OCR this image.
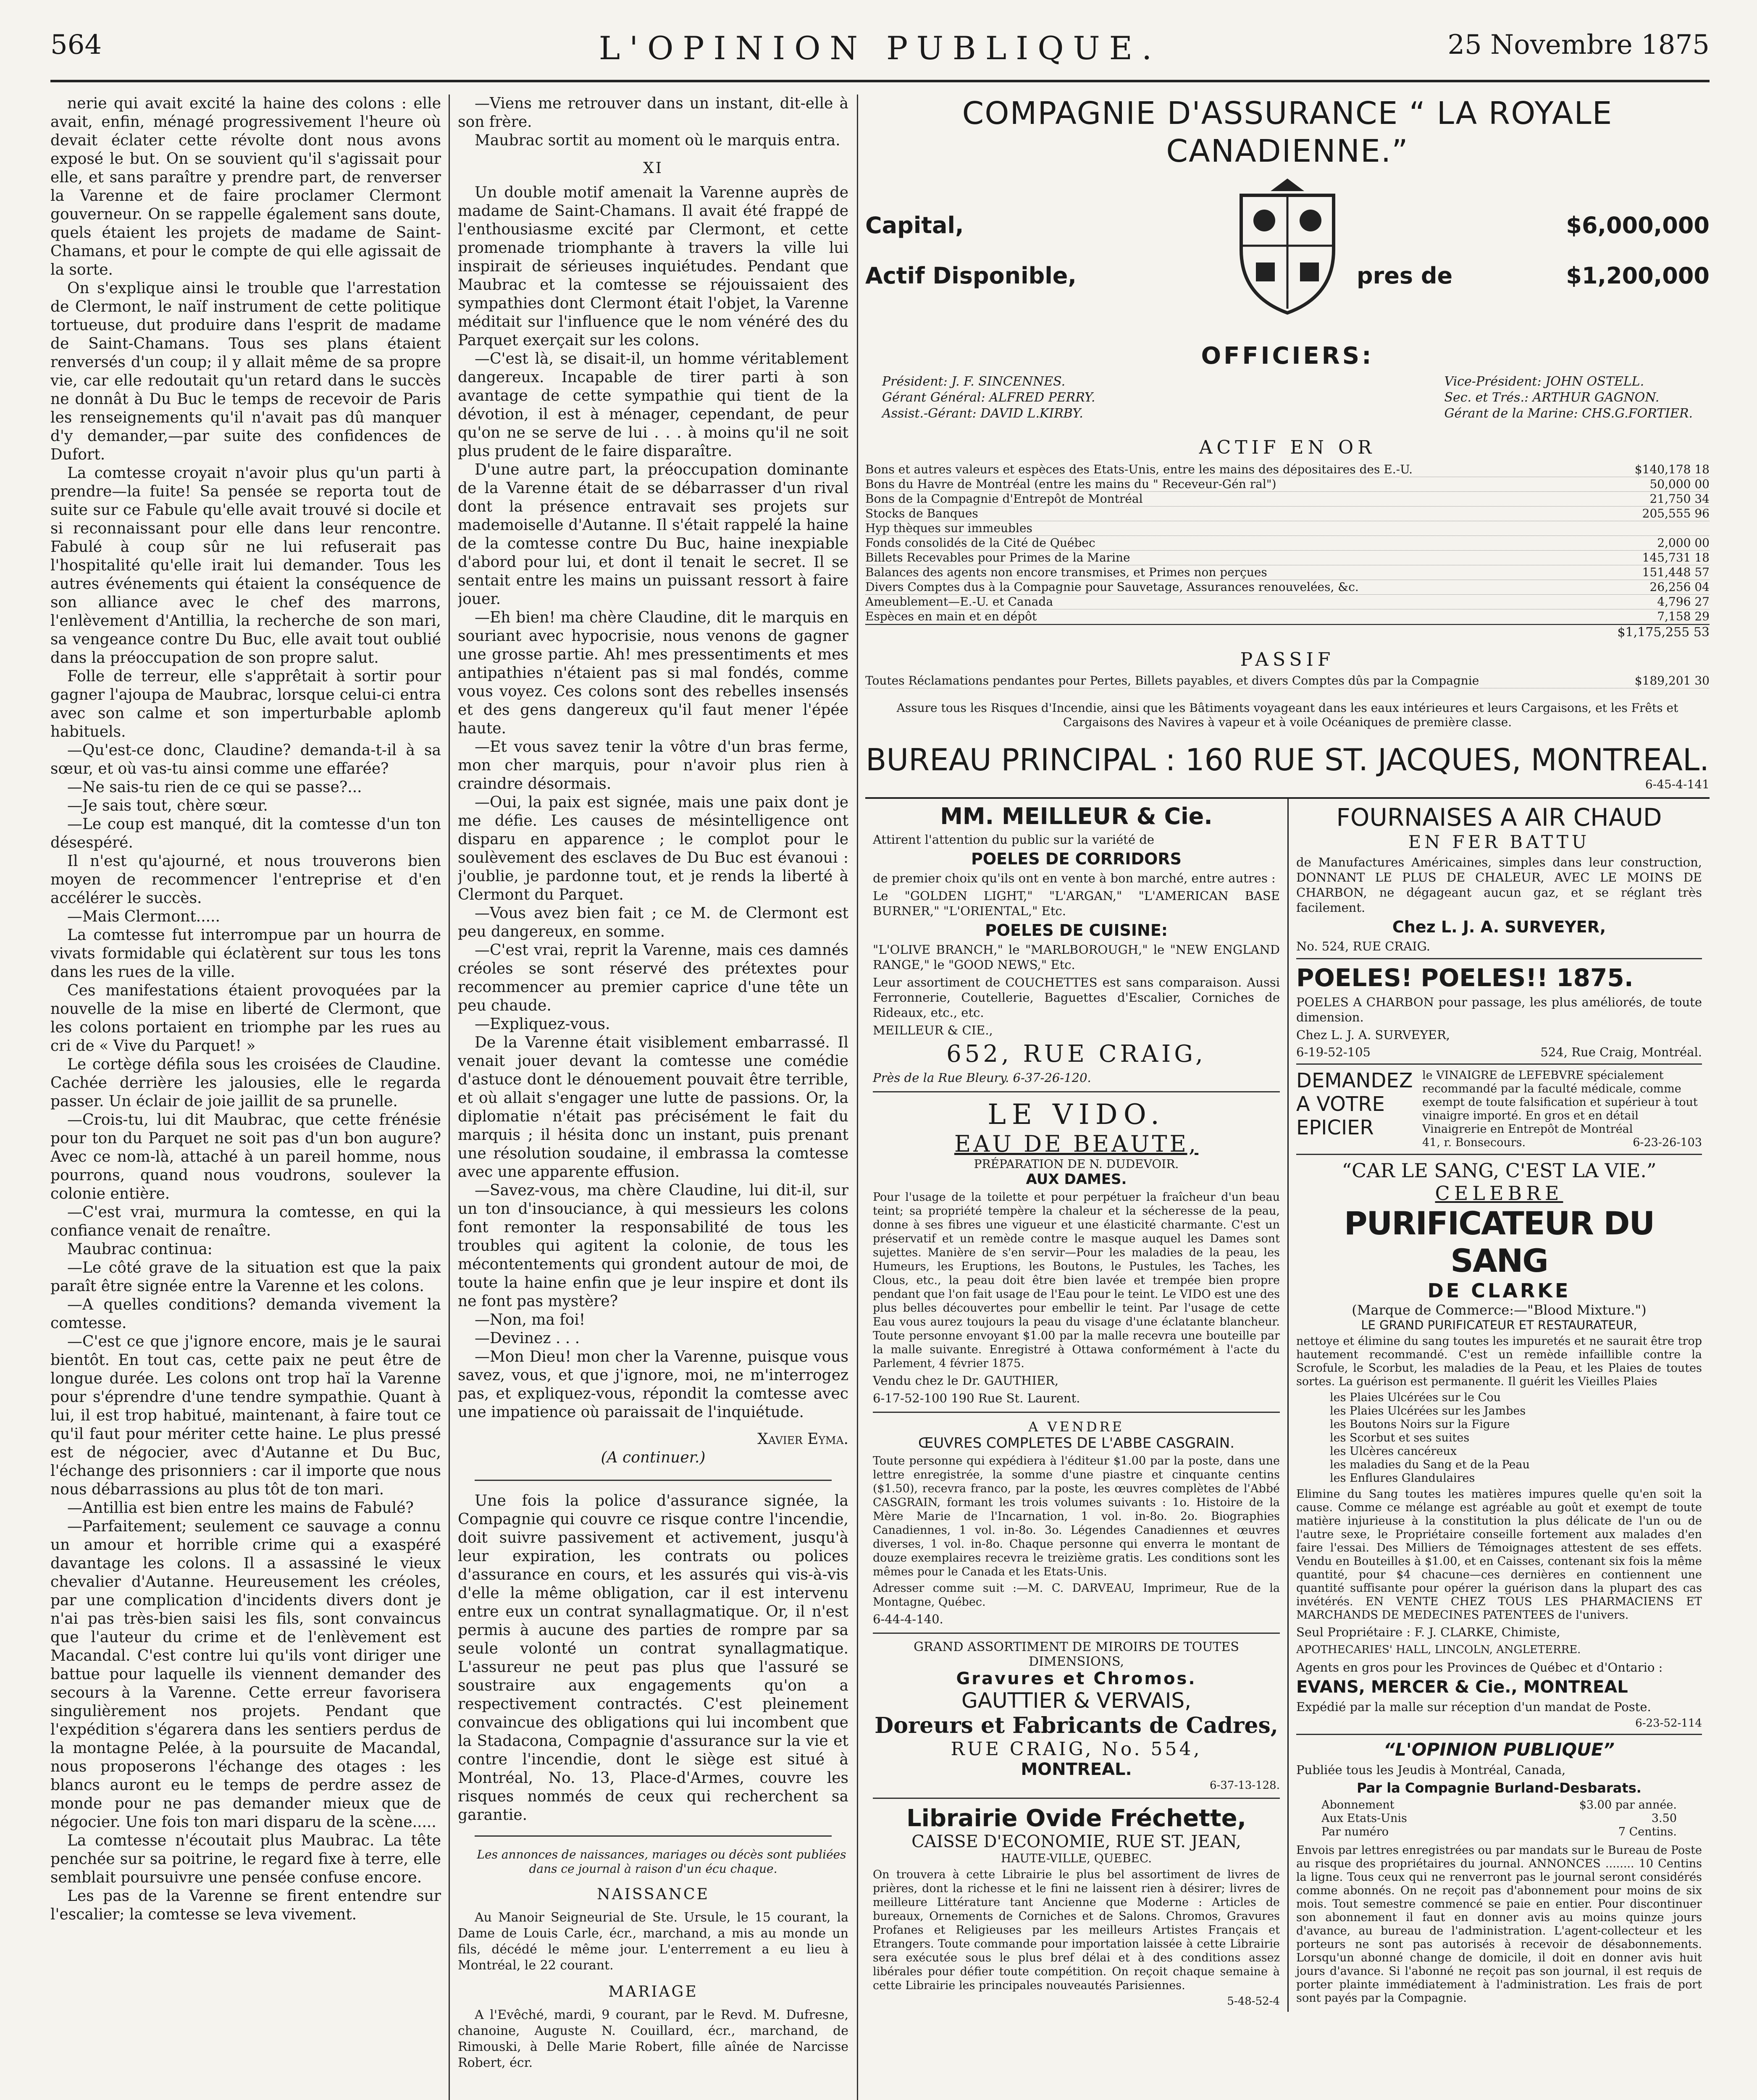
564	L'OPINION PUBLIQUE.	25 Novembre 1875

nerie qui avait excité la haine des colons : elle avait, enfin, ménagé progressivement l'heure où devait éclater cette révolte dont nous avons exposé le but. On se souvient qu'il s'agissait pour elle, et sans paraître y prendre part, de renverser la Varenne et de faire proclamer Clermont gouverneur. On se rappelle également sans doute, quels étaient les projets de madame de Saint-Chamans, et pour le compte de qui elle agissait de la sorte.

On s'explique ainsi le trouble que l'arrestation de Clermont, le naïf instrument de cette politique tortueuse, dut produire dans l'esprit de madame de Saint-Chamans. Tous ses plans étaient renversés d'un coup; il y allait même de sa propre vie, car elle redoutait qu'un retard dans le succès ne donnât à Du Buc le temps de recevoir de Paris les renseignements qu'il n'avait pas dû manquer d'y demander,—par suite des confidences de Dufort.

La comtesse croyait n'avoir plus qu'un parti à prendre—la fuite! Sa pensée se reporta tout de suite sur ce Fabule qu'elle avait trouvé si docile et si reconnaissant pour elle dans leur rencontre. Fabulé à coup sûr ne lui refuserait pas l'hospitalité qu'elle irait lui demander. Tous les autres événements qui étaient la conséquence de son alliance avec le chef des marrons, l'enlèvement d'Antillia, la recherche de son mari, sa vengeance contre Du Buc, elle avait tout oublié dans la préoccupation de son propre salut.

Folle de terreur, elle s'apprêtait à sortir pour gagner l'ajoupa de Maubrac, lorsque celui-ci entra avec son calme et son imperturbable aplomb habituels.

—Qu'est-ce donc, Claudine? demanda-t-il à sa sœur, et où vas-tu ainsi comme une effarée?

—Ne sais-tu rien de ce qui se passe?...

—Je sais tout, chère sœur.

—Le coup est manqué, dit la comtesse d'un ton désespéré.

Il n'est qu'ajourné, et nous trouverons bien moyen de recommencer l'entreprise et d'en accélérer le succès.

—Mais Clermont.....

La comtesse fut interrompue par un hourra de vivats formidable qui éclatèrent sur tous les tons dans les rues de la ville.

Ces manifestations étaient provoquées par la nouvelle de la mise en liberté de Clermont, que les colons portaient en triomphe par les rues au cri de « Vive du Parquet! »

Le cortège défila sous les croisées de Claudine. Cachée derrière les jalousies, elle le regarda passer. Un éclair de joie jaillit de sa prunelle.

—Crois-tu, lui dit Maubrac, que cette frénésie pour ton du Parquet ne soit pas d'un bon augure? Avec ce nom-là, attaché à un pareil homme, nous pourrons, quand nous voudrons, soulever la colonie entière.

—C'est vrai, murmura la comtesse, en qui la confiance venait de renaître.

Maubrac continua:

—Le côté grave de la situation est que la paix paraît être signée entre la Varenne et les colons.

—A quelles conditions? demanda vivement la comtesse.

—C'est ce que j'ignore encore, mais je le saurai bientôt. En tout cas, cette paix ne peut être de longue durée. Les colons ont trop haï la Varenne pour s'éprendre d'une tendre sympathie. Quant à lui, il est trop habitué, maintenant, à faire tout ce qu'il faut pour mériter cette haine. Le plus pressé est de négocier, avec d'Autanne et Du Buc, l'échange des prisonniers : car il importe que nous nous débarrassions au plus tôt de ton mari.

—Antillia est bien entre les mains de Fabulé?

—Parfaitement; seulement ce sauvage a connu un amour et horrible crime qui a exaspéré davantage les colons. Il a assassiné le vieux chevalier d'Autanne. Heureusement les créoles, par une complication d'incidents divers dont je n'ai pas très-bien saisi les fils, sont convaincus que l'auteur du crime et de l'enlèvement est Macandal. C'est contre lui qu'ils vont diriger une battue pour laquelle ils viennent demander des secours à la Varenne. Cette erreur favorisera singulièrement nos projets. Pendant que l'expédition s'égarera dans les sentiers perdus de la montagne Pelée, à la poursuite de Macandal, nous proposerons l'échange des otages : les blancs auront eu le temps de perdre assez de monde pour ne pas demander mieux que de négocier. Une fois ton mari disparu de la scène.....

La comtesse n'écoutait plus Maubrac. La tête penchée sur sa poitrine, le regard fixe à terre, elle semblait poursuivre une pensée confuse encore.

Les pas de la Varenne se firent entendre sur l'escalier; la comtesse se leva vivement.

—Viens me retrouver dans un instant, dit-elle à son frère.

Maubrac sortit au moment où le marquis entra.

XI

Un double motif amenait la Varenne auprès de madame de Saint-Chamans. Il avait été frappé de l'enthousiasme excité par Clermont, et cette promenade triomphante à travers la ville lui inspirait de sérieuses inquiétudes. Pendant que Maubrac et la comtesse se réjouissaient des sympathies dont Clermont était l'objet, la Varenne méditait sur l'influence que le nom vénéré des du Parquet exerçait sur les colons.

—C'est là, se disait-il, un homme véritablement dangereux. Incapable de tirer parti à son avantage de cette sympathie qui tient de la dévotion, il est à ménager, cependant, de peur qu'on ne se serve de lui . . . à moins qu'il ne soit plus prudent de le faire disparaître.

D'une autre part, la préoccupation dominante de la Varenne était de se débarrasser d'un rival dont la présence entravait ses projets sur mademoiselle d'Autanne. Il s'était rappelé la haine de la comtesse contre Du Buc, haine inexpiable d'abord pour lui, et dont il tenait le secret. Il se sentait entre les mains un puissant ressort à faire jouer.

—Eh bien! ma chère Claudine, dit le marquis en souriant avec hypocrisie, nous venons de gagner une grosse partie. Ah! mes pressentiments et mes antipathies n'étaient pas si mal fondés, comme vous voyez. Ces colons sont des rebelles insensés et des gens dangereux qu'il faut mener l'épée haute.

—Et vous savez tenir la vôtre d'un bras ferme, mon cher marquis, pour n'avoir plus rien à craindre désormais.

—Oui, la paix est signée, mais une paix dont je me défie. Les causes de mésintelligence ont disparu en apparence ; le complot pour le soulèvement des esclaves de Du Buc est évanoui : j'oublie, je pardonne tout, et je rends la liberté à Clermont du Parquet.

—Vous avez bien fait ; ce M. de Clermont est peu dangereux, en somme.

—C'est vrai, reprit la Varenne, mais ces damnés créoles se sont réservé des prétextes pour recommencer au premier caprice d'une tête un peu chaude.

—Expliquez-vous.

De la Varenne était visiblement embarrassé. Il venait jouer devant la comtesse une comédie d'astuce dont le dénouement pouvait être terrible, et où allait s'engager une lutte de passions. Or, la diplomatie n'était pas précisément le fait du marquis ; il hésita donc un instant, puis prenant une résolution soudaine, il embrassa la comtesse avec une apparente effusion.

—Savez-vous, ma chère Claudine, lui dit-il, sur un ton d'insouciance, à qui messieurs les colons font remonter la responsabilité de tous les troubles qui agitent la colonie, de tous les mécontentements qui grondent autour de moi, de toute la haine enfin que je leur inspire et dont ils ne font pas mystère?

—Non, ma foi!

—Devinez . . .

—Mon Dieu! mon cher la Varenne, puisque vous savez, vous, et que j'ignore, moi, ne m'interrogez pas, et expliquez-vous, répondit la comtesse avec une impatience où paraissait de l'inquiétude.

Xavier Eyma.

(A continuer.)

Une fois la police d'assurance signée, la Compagnie qui couvre ce risque contre l'incendie, doit suivre passivement et activement, jusqu'à leur expiration, les contrats ou polices d'assurance en cours, et les assurés qui vis-à-vis d'elle la même obligation, car il est intervenu entre eux un contrat synallagmatique. Or, il n'est permis à aucune des parties de rompre par sa seule volonté un contrat synallagmatique. L'assureur ne peut pas plus que l'assuré se soustraire aux engagements qu'on a respectivement contractés. C'est pleinement convaincue des obligations qui lui incombent que la Stadacona, Compagnie d'assurance sur la vie et contre l'incendie, dont le siège est situé à Montréal, No. 13, Place-d'Armes, couvre les risques nommés de ceux qui recherchent sa garantie.

Les annonces de naissances, mariages ou décès sont publiées dans ce journal à raison d'un écu chaque.

NAISSANCE

Au Manoir Seigneurial de Ste. Ursule, le 15 courant, la Dame de Louis Carle, écr., marchand, a mis au monde un fils, décédé le même jour. L'enterrement a eu lieu à Montréal, le 22 courant.

MARIAGE

A l'Evêché, mardi, 9 courant, par le Revd. M. Dufresne, chanoine, Auguste N. Couillard, écr., marchand, de Rimouski, à Delle Marie Robert, fille aînée de Narcisse Robert, écr.

COMPAGNIE D'ASSURANCE “ LA ROYALE CANADIENNE.”
Capital,	$6,000,000
Actif Disponible,	pres de	$1,200,000
OFFICIERS:
Président: J. F. SINCENNES.
Gérant Général: ALFRED PERRY.
Assist.-Gérant: DAVID L.KIRBY.
Vice-Président: JOHN OSTELL.
Sec. et Trés.: ARTHUR GAGNON.
Gérant de la Marine: CHS.G.FORTIER.
ACTIF EN OR
Bons et autres valeurs et espèces des Etats-Unis, entre les mains des dépositaires des E.-U.	$140,178 18
Bons du Havre de Montréal (entre les mains du " Receveur-Gén ral")	50,000 00
Bons de la Compagnie d'Entrepôt de Montréal	21,750 34
Stocks de Banques	205,555 96
Hyp thèques sur immeubles
Fonds consolidés de la Cité de Québec	2,000 00
Billets Recevables pour Primes de la Marine	145,731 18
Balances des agents non encore transmises, et Primes non perçues	151,448 57
Divers Comptes dus à la Compagnie pour Sauvetage, Assurances renouvelées, &c.	26,256 04
Ameublement—E.-U. et Canada	4,796 27
Espèces en main et en dépôt	7,158 29
$1,175,255 53
PASSIF
Toutes Réclamations pendantes pour Pertes, Billets payables, et divers Comptes dûs par la Compagnie	$189,201 30
Assure tous les Risques d'Incendie, ainsi que les Bâtiments voyageant dans les eaux intérieures et leurs Cargaisons, et les Frêts et Cargaisons des Navires à vapeur et à voile Océaniques de première classe.
BUREAU PRINCIPAL : 160 RUE ST. JACQUES, MONTREAL.
6-45-4-141
MM. MEILLEUR & Cie.

Attirent l'attention du public sur la variété de

POELES DE CORRIDORS

de premier choix qu'ils ont en vente à bon marché, entre autres :

Le "GOLDEN LIGHT," "L'ARGAN," "L'AMERICAN BASE BURNER," "L'ORIENTAL," Etc.

POELES DE CUISINE:

"L'OLIVE BRANCH," le "MARLBOROUGH," le "NEW ENGLAND RANGE," le "GOOD NEWS," Etc.

Leur assortiment de COUCHETTES est sans comparaison. Aussi Ferronnerie, Coutellerie, Baguettes d'Escalier, Corniches de Rideaux, etc., etc.

MEILLEUR & CIE.,

652, RUE CRAIG,

Près de la Rue Bleury. 6-37-26-120.

LE VIDO.
EAU DE BEAUTE,
PRÉPARATION DE N. DUDEVOIR.
AUX DAMES.

Pour l'usage de la toilette et pour perpétuer la fraîcheur d'un beau teint; sa propriété tempère la chaleur et la sécheresse de la peau, donne à ses fibres une vigueur et une élasticité charmante. C'est un préservatif et un remède contre le masque auquel les Dames sont sujettes. Manière de s'en servir—Pour les maladies de la peau, les Humeurs, les Eruptions, les Boutons, le Pustules, les Taches, les Clous, etc., la peau doit être bien lavée et trempée bien propre pendant que l'on fait usage de l'Eau pour le teint. Le VIDO est une des plus belles découvertes pour embellir le teint. Par l'usage de cette Eau vous aurez toujours la peau du visage d'une éclatante blancheur. Toute personne envoyant $1.00 par la malle recevra une bouteille par la malle suivante. Enregistré à Ottawa conformément à l'acte du Parlement, 4 février 1875.

Vendu chez le Dr. GAUTHIER,

6-17-52-100 190 Rue St. Laurent.

A VENDRE
ŒUVRES COMPLETES DE L'ABBE CASGRAIN.

Toute personne qui expédiera à l'éditeur $1.00 par la poste, dans une lettre enregistrée, la somme d'une piastre et cinquante centins ($1.50), recevra franco, par la poste, les œuvres complètes de l'Abbé CASGRAIN, formant les trois volumes suivants : 1o. Histoire de la Mère Marie de l'Incarnation, 1 vol. in-8o. 2o. Biographies Canadiennes, 1 vol. in-8o. 3o. Légendes Canadiennes et œuvres diverses, 1 vol. in-8o. Chaque personne qui enverra le montant de douze exemplaires recevra le treizième gratis. Les conditions sont les mêmes pour le Canada et les Etats-Unis.

Adresser comme suit :—M. C. DARVEAU, Imprimeur, Rue de la Montagne, Québec.

6-44-4-140.

GRAND ASSORTIMENT DE MIROIRS DE TOUTES DIMENSIONS,
Gravures et Chromos.
GAUTTIER & VERVAIS,
Doreurs et Fabricants de Cadres,
RUE CRAIG, No. 554,
MONTREAL.
6-37-13-128.
Librairie Ovide Fréchette,
CAISSE D'ECONOMIE, RUE ST. JEAN,
HAUTE-VILLE, QUEBEC.

On trouvera à cette Librairie le plus bel assortiment de livres de prières, dont la richesse et le fini ne laissent rien à désirer; livres de meilleure Littérature tant Ancienne que Moderne : Articles de bureaux, Ornements de Corniches et de Salons. Chromos, Gravures Profanes et Religieuses par les meilleurs Artistes Français et Etrangers. Toute commande pour importation laissée à cette Librairie sera exécutée sous le plus bref délai et à des conditions assez libérales pour défier toute compétition. On reçoit chaque semaine à cette Librairie les principales nouveautés Parisiennes.

5-48-52-4
FOURNAISES A AIR CHAUD
EN FER BATTU

de Manufactures Américaines, simples dans leur construction, DONNANT LE PLUS DE CHALEUR, AVEC LE MOINS DE CHARBON, ne dégageant aucun gaz, et se réglant très facilement.

Chez L. J. A. SURVEYER,

No. 524, RUE CRAIG.

POELES! POELES!! 1875.

POELES A CHARBON pour passage, les plus améliorés, de toute dimension.

Chez L. J. A. SURVEYER,

6-19-52-105	524, Rue Craig, Montréal.
DEMANDEZ
A VOTRE
EPICIER
le VINAIGRE de LEFEBVRE spécialement recommandé par la faculté médicale, comme exempt de toute falsification et supérieur à tout vinaigre importé. En gros et en détail Vinaigrerie en Entrepôt de Montréal
41, r. Bonsecours.	6-23-26-103
“CAR LE SANG, C'EST LA VIE.”
CELEBRE
PURIFICATEUR DU SANG
DE CLARKE
(Marque de Commerce:—"Blood Mixture.")
LE GRAND PURIFICATEUR ET RESTAURATEUR,

nettoye et élimine du sang toutes les impuretés et ne saurait être trop hautement recommandé. C'est un remède infaillible contre la Scrofule, le Scorbut, les maladies de la Peau, et les Plaies de toutes sortes. La guérison est permanente. Il guérit les Vieilles Plaies

les Plaies Ulcérées sur le Cou
les Plaies Ulcérées sur les Jambes
les Boutons Noirs sur la Figure
les Scorbut et ses suites
les Ulcères cancéreux
les maladies du Sang et de la Peau
les Enflures Glandulaires

Elimine du Sang toutes les matières impures quelle qu'en soit la cause. Comme ce mélange est agréable au goût et exempt de toute matière injurieuse à la constitution la plus délicate de l'un ou de l'autre sexe, le Propriétaire conseille fortement aux malades d'en faire l'essai. Des Milliers de Témoignages attestent de ses effets. Vendu en Bouteilles à $1.00, et en Caisses, contenant six fois la même quantité, pour $4 chacune—ces dernières en contiennent une quantité suffisante pour opérer la guérison dans la plupart des cas invétérés. EN VENTE CHEZ TOUS LES PHARMACIENS ET MARCHANDS DE MEDECINES PATENTEES de l'univers.

Seul Propriétaire : F. J. CLARKE, Chimiste,

APOTHECARIES' HALL, LINCOLN, ANGLETERRE.

Agents en gros pour les Provinces de Québec et d'Ontario :

EVANS, MERCER & Cie., MONTREAL

Expédié par la malle sur réception d'un mandat de Poste.

6-23-52-114
“L'OPINION PUBLIQUE”

Publiée tous les Jeudis à Montréal, Canada,

Par la Compagnie Burland-Desbarats.
Abonnement	$3.00 par année.
Aux Etats-Unis	3.50
Par numéro	7 Centins.

Envois par lettres enregistrées ou par mandats sur le Bureau de Poste au risque des propriétaires du journal. ANNONCES ........ 10 Centins la ligne. Tous ceux qui ne renverront pas le journal seront considérés comme abonnés. On ne reçoit pas d'abonnement pour moins de six mois. Tout semestre commencé se paie en entier. Pour discontinuer son abonnement il faut en donner avis au moins quinze jours d'avance, au bureau de l'administration. L'agent-collecteur et les porteurs ne sont pas autorisés à recevoir de désabonnements. Lorsqu'un abonné change de domicile, il doit en donner avis huit jours d'avance. Si l'abonné ne reçoit pas son journal, il est requis de porter plainte immédiatement à l'administration. Les frais de port sont payés par la Compagnie.
